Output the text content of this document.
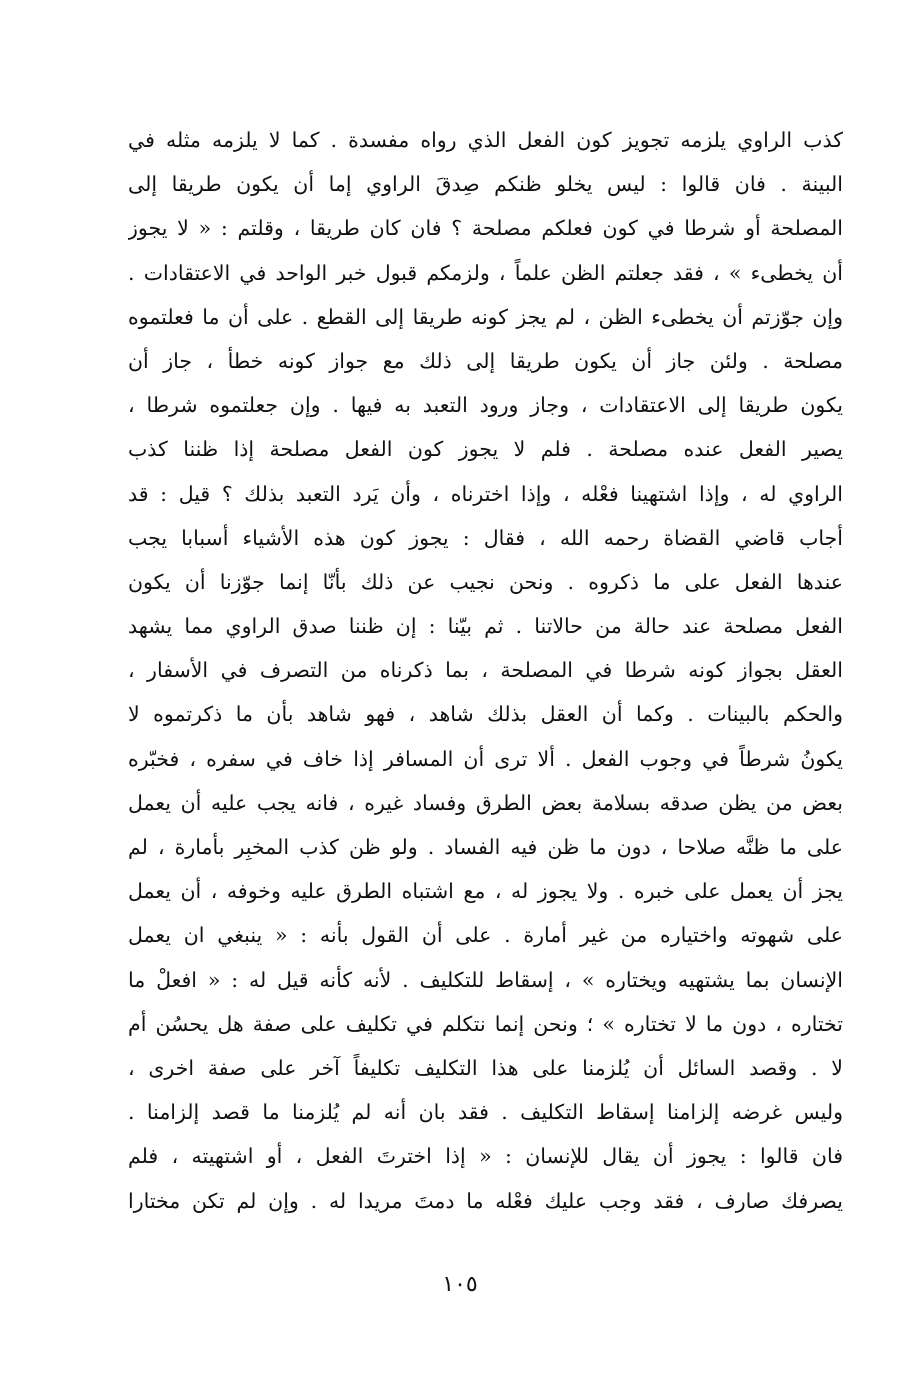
كذب الراوي يلزمه تجويز كون الفعل الذي رواه مفسدة . كما لا يلزمه مثله في
البينة . فان قالوا : ليس يخلو ظنكم صِدقَ الراوي إما أن يكون طريقا إلى
المصلحة أو شرطا في كون فعلكم مصلحة ؟ فان كان طريقا ، وقلتم : « لا يجوز
أن يخطىء » ، فقد جعلتم الظن علماً ، ولزمكم قبول خبر الواحد في الاعتقادات .
وإن جوّزتم أن يخطىء الظن ، لم يجز كونه طريقا إلى القطع . على أن ما فعلتموه
مصلحة . ولئن جاز أن يكون طريقا إلى ذلك مع جواز كونه خطأ ، جاز أن
يكون طريقا إلى الاعتقادات ، وجاز ورود التعبد به فيها . وإن جعلتموه شرطا ،
يصير الفعل عنده مصلحة . فلم لا يجوز كون الفعل مصلحة إذا ظننا كذب
الراوي له ، وإذا اشتهينا فعْله ، وإذا اخترناه ، وأن يَرد التعبد بذلك ؟ قيل : قد
أجاب قاضي القضاة رحمه الله ، فقال : يجوز كون هذه الأشياء أسبابا يجب
عندها الفعل على ما ذكروه . ونحن نجيب عن ذلك بأنّا إنما جوّزنا أن يكون
الفعل مصلحة عند حالة من حالاتنا . ثم بيّنا : إن ظننا صدق الراوي مما يشهد
العقل بجواز كونه شرطا في المصلحة ، بما ذكرناه من التصرف في الأسفار ،
والحكم بالبينات . وكما أن العقل بذلك شاهد ، فهو شاهد بأن ما ذكرتموه لا
يكونُ شرطاً في وجوب الفعل . ألا ترى أن المسافر إذا خاف في سفره ، فخبّره
بعض من يظن صدقه بسلامة بعض الطرق وفساد غيره ، فانه يجب عليه أن يعمل
على ما ظنَّه صلاحا ، دون ما ظن فيه الفساد . ولو ظن كذب المخبِر بأمارة ، لم
يجز أن يعمل على خبره . ولا يجوز له ، مع اشتباه الطرق عليه وخوفه ، أن يعمل
على شهوته واختياره من غير أمارة . على أن القول بأنه : « ينبغي ان يعمل
الإنسان بما يشتهيه ويختاره » ، إسقاط للتكليف . لأنه كأنه قيل له : « افعلْ ما
تختاره ، دون ما لا تختاره » ؛ ونحن إنما نتكلم في تكليف على صفة هل يحسُن أم
لا . وقصد السائل أن يُلزمنا على هذا التكليف تكليفاً آخر على صفة اخرى ،
وليس غرضه إلزامنا إسقاط التكليف . فقد بان أنه لم يُلزمنا ما قصد إلزامنا .
فان قالوا : يجوز أن يقال للإنسان : « إذا اخترتَ الفعل ، أو اشتهيته ، فلم
يصرفك صارف ، فقد وجب عليك فعْله ما دمتَ مريدا له . وإن لم تكن مختارا
١٠٥
